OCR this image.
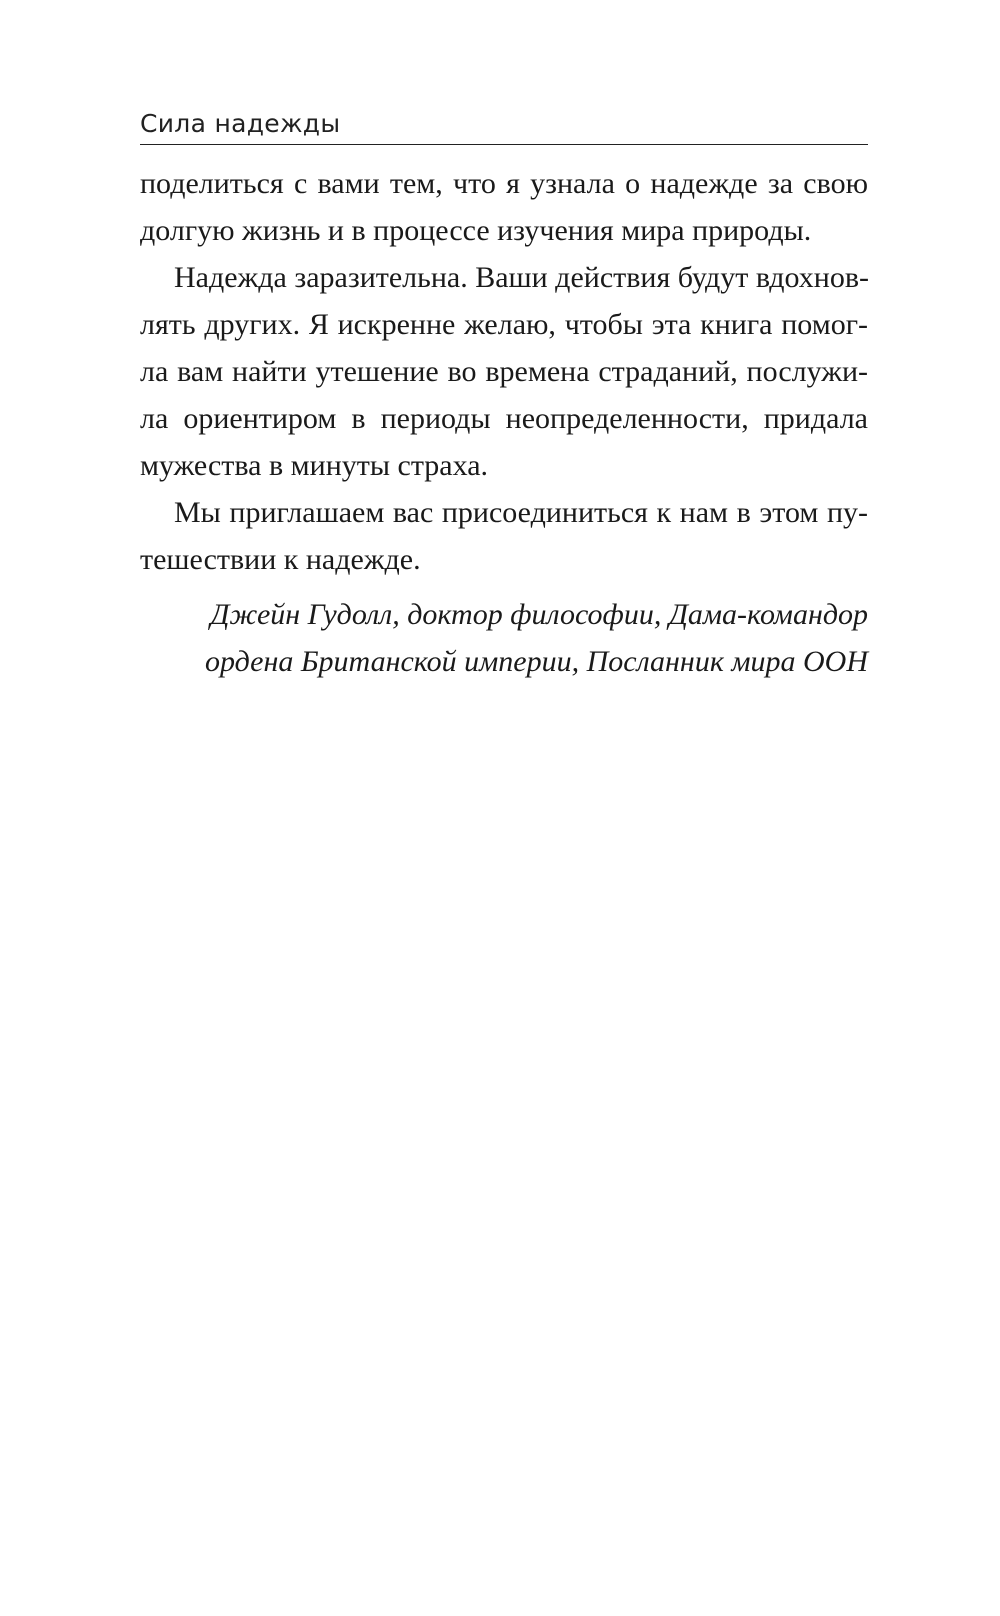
Сила надежды
поделиться с вами тем, что я узнала о надежде за свою
долгую жизнь и в процессе изучения мира природы.
Надежда заразительна. Ваши действия будут вдохнов-
лять других. Я искренне желаю, чтобы эта книга помог-
ла вам найти утешение во времена страданий, послужи-
ла ориентиром в периоды неопределенности, придала
мужества в минуты страха.
Мы приглашаем вас присоединиться к нам в этом пу-
тешествии к надежде.
Джейн Гудолл, доктор философии, Дама-командор
ордена Британской империи, Посланник мира ООН
